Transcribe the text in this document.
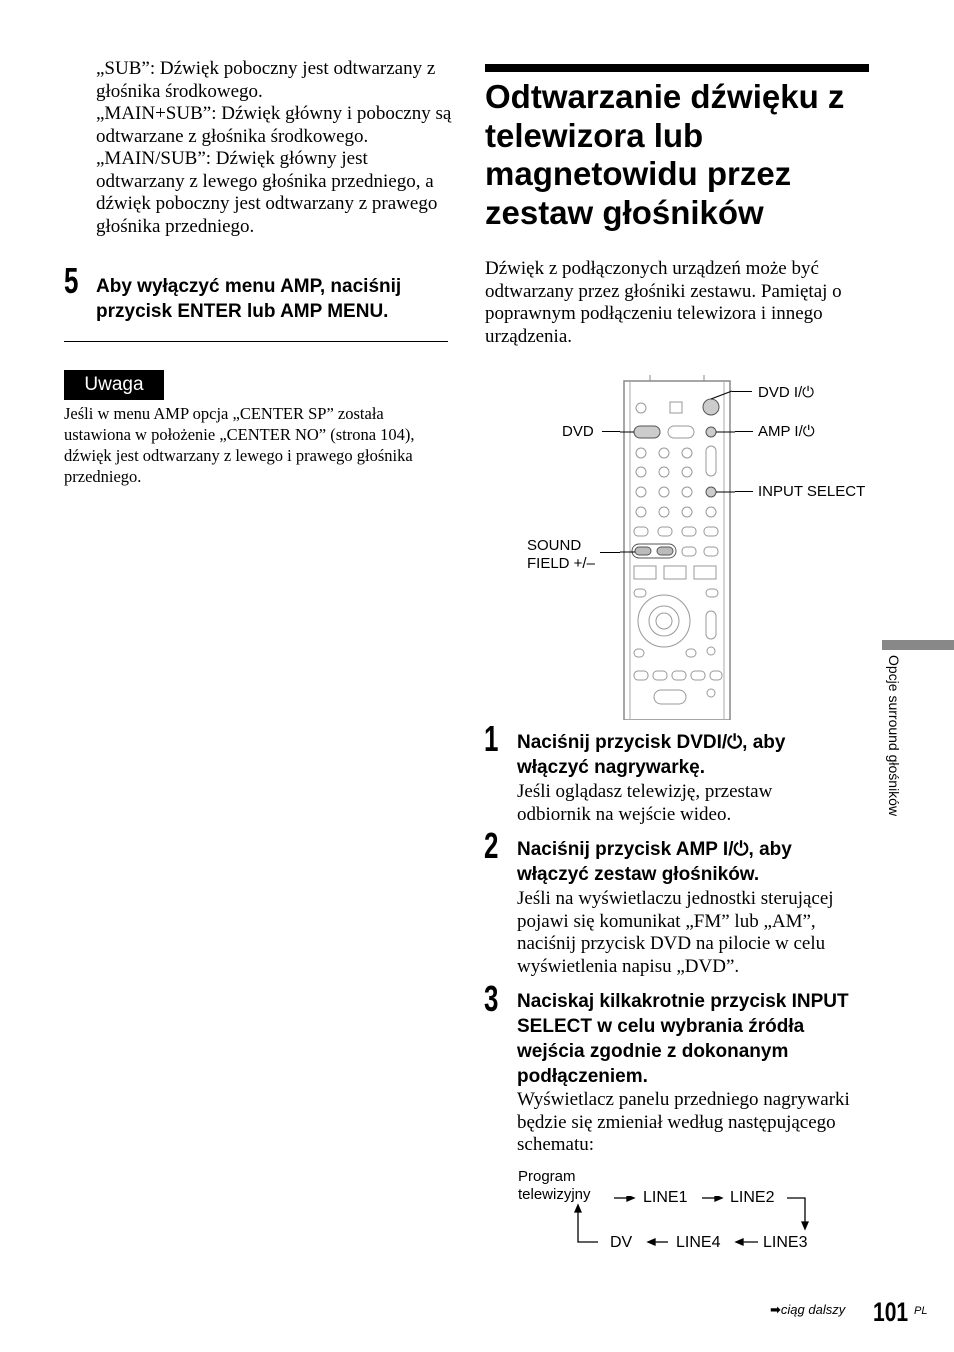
„SUB”: Dźwięk poboczny jest odtwarzany z głośnika środkowego.

„MAIN+SUB”: Dźwięk główny i poboczny są odtwarzane z głośnika środkowego.

„MAIN/SUB”: Dźwięk główny jest odtwarzany z lewego głośnika przedniego, a dźwięk poboczny jest odtwarzany z prawego głośnika przedniego.

5 Aby wyłączyć menu AMP, naciśnij przycisk ENTER lub AMP MENU.
Uwaga
Jeśli w menu AMP opcja „CENTER SP” została ustawiona w położenie „CENTER NO” (strona 104), dźwięk jest odtwarzany z lewego i prawego głośnika przedniego.
Odtwarzanie dźwięku z telewizora lub magnetowidu przez zestaw głośników
Dźwięk z podłączonych urządzeń może być odtwarzany przez głośniki zestawu. Pamiętaj o poprawnym podłączeniu telewizora i innego urządzenia.
DVD I/⏻
DVD	AMP I/⏻
INPUT SELECT
SOUND
FIELD +/–
1 Naciśnij przycisk DVDI/⏻, aby włączyć nagrywarkę.
Jeśli oglądasz telewizję, przestaw odbiornik na wejście wideo.
2 Naciśnij przycisk AMP I/⏻, aby włączyć zestaw głośników.
Jeśli na wyświetlaczu jednostki sterującej pojawi się komunikat „FM” lub „AM”, naciśnij przycisk DVD na pilocie w celu wyświetlenia napisu „DVD”.
3 Naciskaj kilkakrotnie przycisk INPUT SELECT w celu wybrania źródła wejścia zgodnie z dokonanym podłączeniem.
Wyświetlacz panelu przedniego nagrywarki będzie się zmieniał według następującego schematu:
Program
telewizyjny	LINE1	LINE2
LINE3
LINE4
DV
Opcje surround głośników
➡ciąg dalszy 101 PL
